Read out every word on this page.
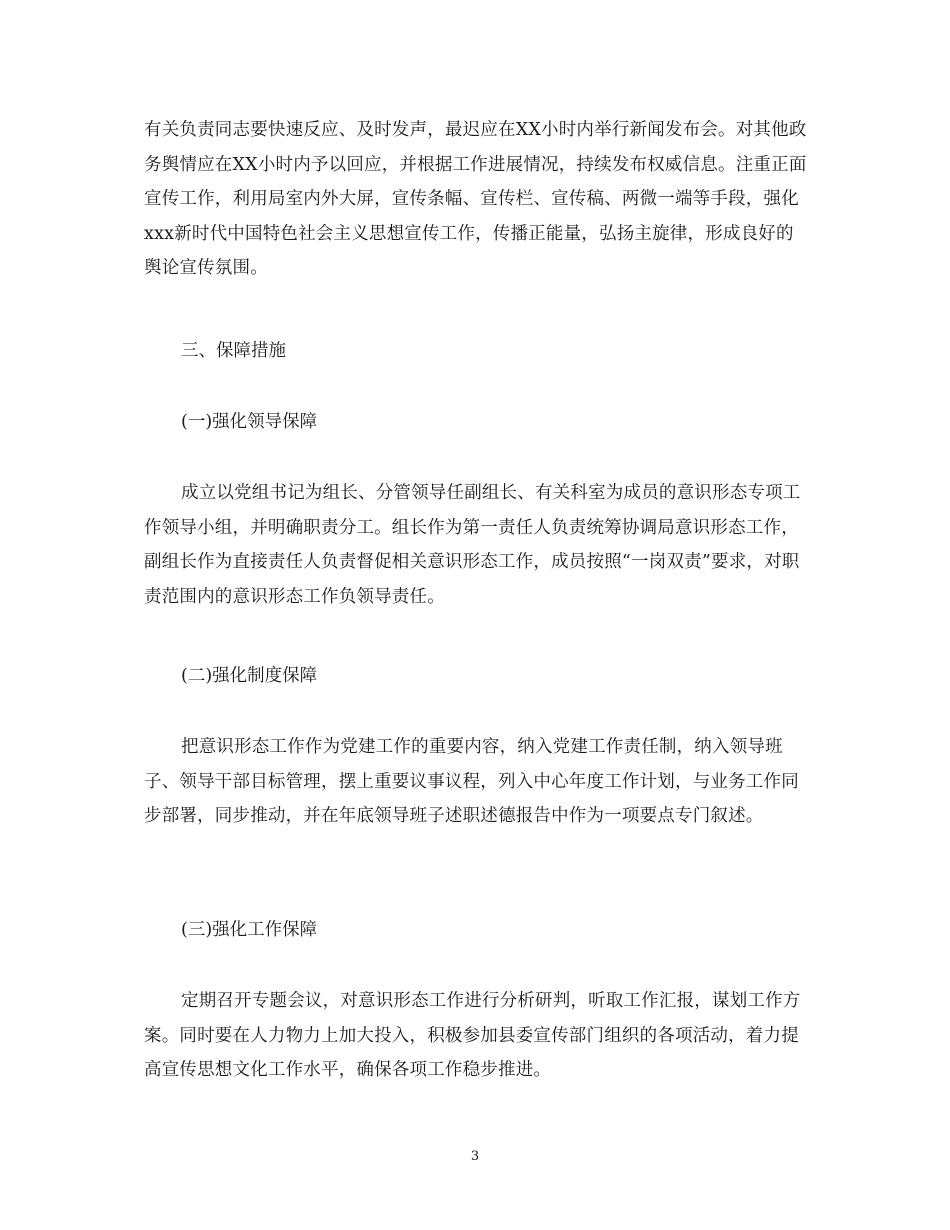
有关负责同志要快速反应、及时发声，最迟应在XX小时内举行新闻发布会。对其他政务舆情应在XX小时内予以回应，并根据工作进展情况，持续发布权威信息。注重正面宣传工作，利用局室内外大屏，宣传条幅、宣传栏、宣传稿、两微一端等手段，强化xxx新时代中国特色社会主义思想宣传工作，传播正能量，弘扬主旋律，形成良好的舆论宣传氛围。
三、保障措施
(一)强化领导保障
成立以党组书记为组长、分管领导任副组长、有关科室为成员的意识形态专项工作领导小组，并明确职责分工。组长作为第一责任人负责统筹协调局意识形态工作，副组长作为直接责任人负责督促相关意识形态工作，成员按照“一岗双责”要求，对职责范围内的意识形态工作负领导责任。
(二)强化制度保障
把意识形态工作作为党建工作的重要内容，纳入党建工作责任制，纳入领导班子、领导干部目标管理，摆上重要议事议程，列入中心年度工作计划，与业务工作同步部署，同步推动，并在年底领导班子述职述德报告中作为一项要点专门叙述。
(三)强化工作保障
定期召开专题会议，对意识形态工作进行分析研判，听取工作汇报，谋划工作方案。同时要在人力物力上加大投入，积极参加县委宣传部门组织的各项活动，着力提高宣传思想文化工作水平，确保各项工作稳步推进。
3
